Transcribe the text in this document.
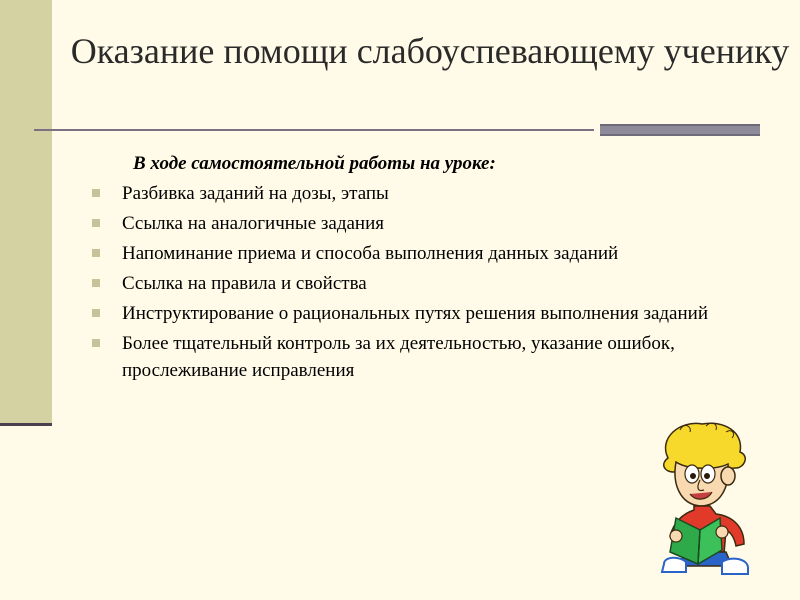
Оказание помощи слабоуспевающему ученику
В ходе самостоятельной работы на уроке:
Разбивка заданий на дозы, этапы
Ссылка на аналогичные задания
Напоминание приема и способа выполнения данных заданий
Ссылка на правила и свойства
Инструктирование о рациональных путях решения выполнения заданий
Более тщательный контроль за их деятельностью, указание ошибок, прослеживание исправления
